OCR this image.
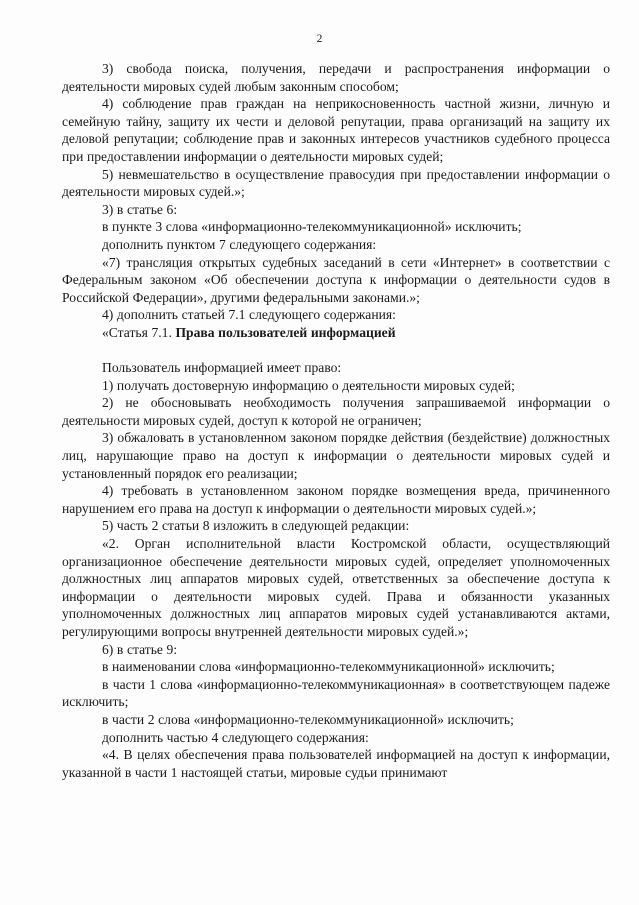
2

3) свобода поиска, получения, передачи и распространения информации о деятельности мировых судей любым законным способом;

4) соблюдение прав граждан на неприкосновенность частной жизни, личную и семейную тайну, защиту их чести и деловой репутации, права организаций на защиту их деловой репутации; соблюдение прав и законных интересов участников судебного процесса при предоставлении информации о деятельности мировых судей;

5) невмешательство в осуществление правосудия при предоставлении информации о деятельности мировых судей.»;

3) в статье 6:

в пункте 3 слова «информационно-телекоммуникационной» исключить;

дополнить пунктом 7 следующего содержания:

«7) трансляция открытых судебных заседаний в сети «Интернет» в соответствии с Федеральным законом «Об обеспечении доступа к информации о деятельности судов в Российской Федерации», другими федеральными законами.»;

4) дополнить статьей 7.1 следующего содержания:

«Статья 7.1. Права пользователей информацией

Пользователь информацией имеет право:

1) получать достоверную информацию о деятельности мировых судей;

2) не обосновывать необходимость получения запрашиваемой информации о деятельности мировых судей, доступ к которой не ограничен;

3) обжаловать в установленном законом порядке действия (бездействие) должностных лиц, нарушающие право на доступ к информации о деятельности мировых судей и установленный порядок его реализации;

4) требовать в установленном законом порядке возмещения вреда, причиненного нарушением его права на доступ к информации о деятельности мировых судей.»;

5) часть 2 статьи 8 изложить в следующей редакции:

«2. Орган исполнительной власти Костромской области, осуществляющий организационное обеспечение деятельности мировых судей, определяет уполномоченных должностных лиц аппаратов мировых судей, ответственных за обеспечение доступа к информации о деятельности мировых судей. Права и обязанности указанных уполномоченных должностных лиц аппаратов мировых судей устанавливаются актами, регулирующими вопросы внутренней деятельности мировых судей.»;

6) в статье 9:

в наименовании слова «информационно-телекоммуникационной» исключить;

в части 1 слова «информационно-телекоммуникационная» в соответствующем падеже исключить;

в части 2 слова «информационно-телекоммуникационной» исключить;

дополнить частью 4 следующего содержания:

«4. В целях обеспечения права пользователей информацией на доступ к информации, указанной в части 1 настоящей статьи, мировые судьи принимают
